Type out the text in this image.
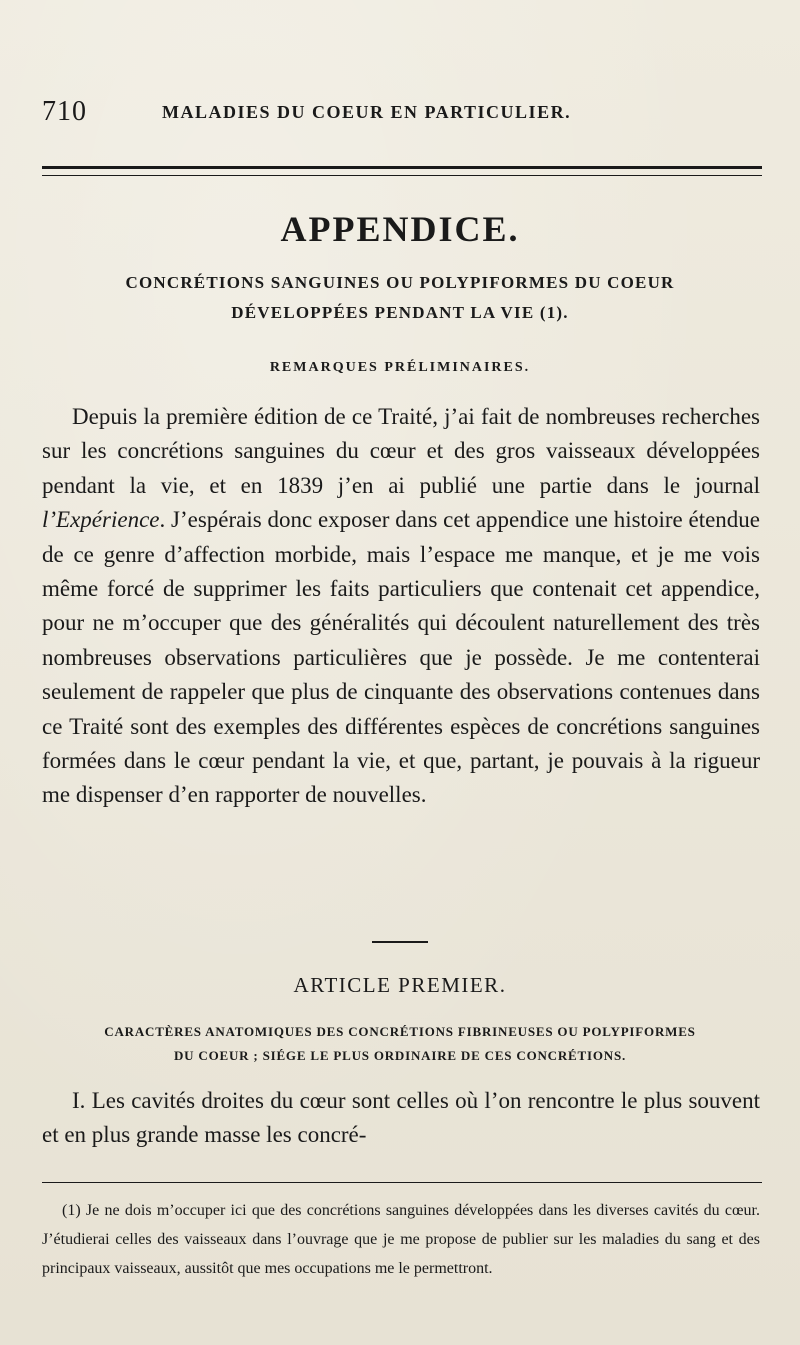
710	MALADIES DU COEUR EN PARTICULIER.
APPENDICE.
CONCRÉTIONS SANGUINES OU POLYPIFORMES DU COEUR
DÉVELOPPÉES PENDANT LA VIE (1).
REMARQUES PRÉLIMINAIRES.

Depuis la première édition de ce Traité, j’ai fait de nombreuses recherches sur les concrétions sanguines du cœur et des gros vaisseaux développées pendant la vie, et en 1839 j’en ai publié une partie dans le journal l’Expérience. J’espérais donc exposer dans cet appendice une histoire étendue de ce genre d’affection morbide, mais l’espace me manque, et je me vois même forcé de supprimer les faits particuliers que contenait cet appendice, pour ne m’occuper que des généralités qui découlent naturellement des très nombreuses observations particulières que je possède. Je me contenterai seulement de rappeler que plus de cinquante des observations contenues dans ce Traité sont des exemples des différentes espèces de concrétions sanguines formées dans le cœur pendant la vie, et que, partant, je pouvais à la rigueur me dispenser d’en rapporter de nouvelles.

ARTICLE PREMIER.
CARACTÈRES ANATOMIQUES DES CONCRÉTIONS FIBRINEUSES OU POLYPIFORMES
DU COEUR ; SIÉGE LE PLUS ORDINAIRE DE CES CONCRÉTIONS.

I. Les cavités droites du cœur sont celles où l’on rencontre le plus souvent et en plus grande masse les concré-

(1) Je ne dois m’occuper ici que des concrétions sanguines développées dans les diverses cavités du cœur. J’étudierai celles des vaisseaux dans l’ouvrage que je me propose de publier sur les maladies du sang et des principaux vaisseaux, aussitôt que mes occupations me le permettront.
